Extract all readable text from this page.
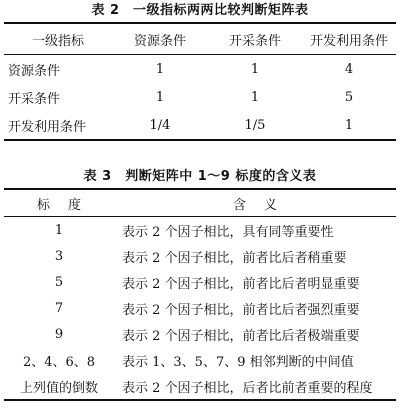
表 2　一级指标两两比较判断矩阵表
一级指标	资源条件	开采条件	开发利用条件
资源条件	1	1	4
开采条件	1	1	5
开发利用条件	1/4	1/5	1
表 3　判断矩阵中 1～9 标度的含义表
标度	含义
1	表示 2 个因子相比，具有同等重要性
3	表示 2 个因子相比，前者比后者稍重要
5	表示 2 个因子相比，前者比后者明显重要
7	表示 2 个因子相比，前者比后者强烈重要
9	表示 2 个因子相比，前者比后者极端重要
2、4、6、8	表示 1、3、5、7、9 相邻判断的中间值
上列值的倒数	表示 2 个因子相比，后者比前者重要的程度
